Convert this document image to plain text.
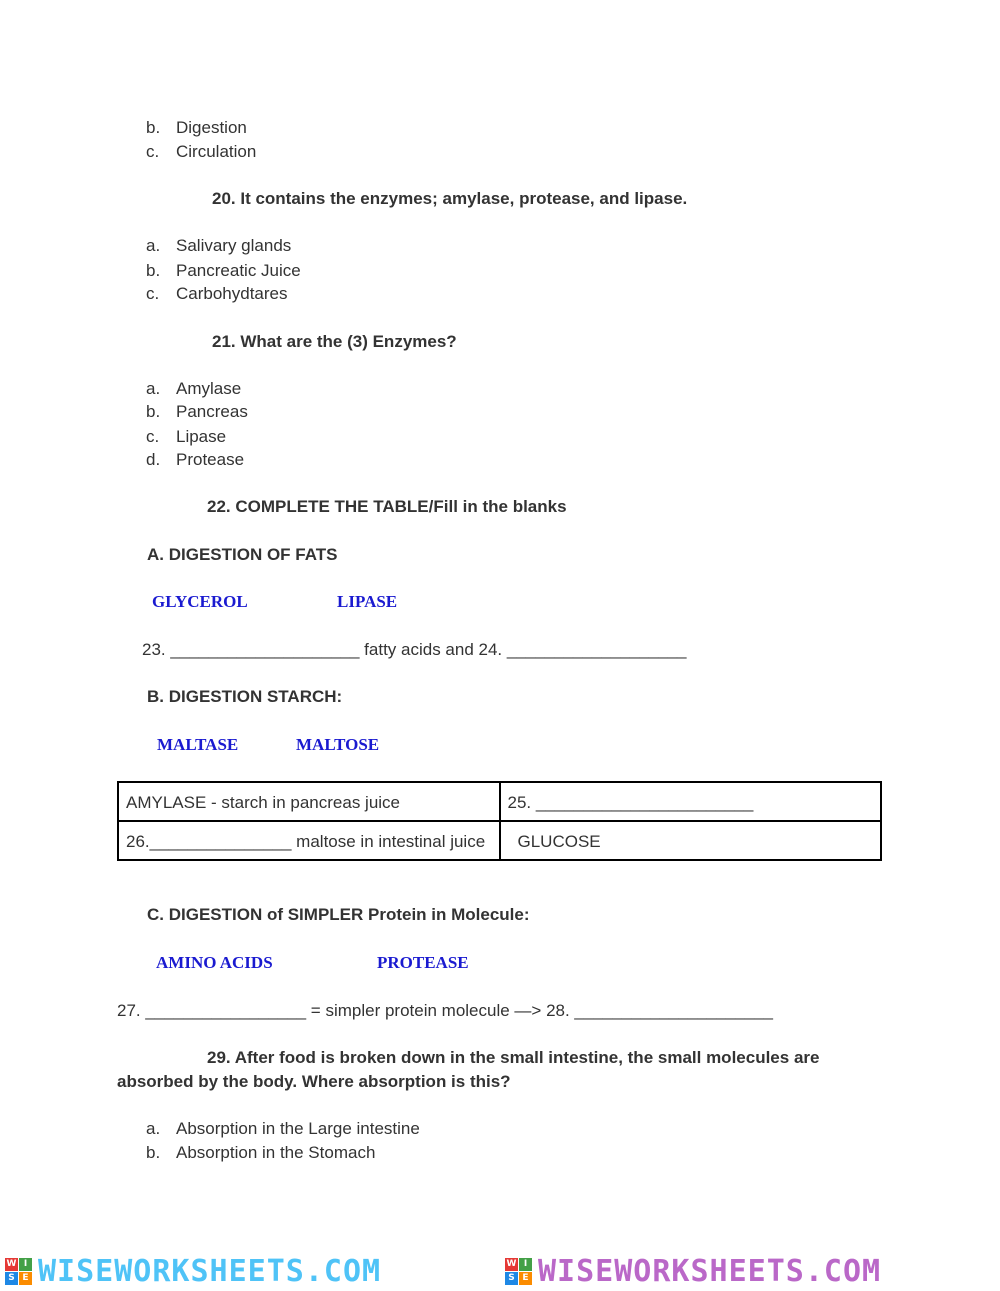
b. Digestion
c. Circulation
20. It contains the enzymes; amylase, protease, and lipase.
a. Salivary glands
b. Pancreatic Juice
c. Carbohydtares
21. What are the (3) Enzymes?
a. Amylase
b. Pancreas
c. Lipase
d. Protease
22. COMPLETE THE TABLE/Fill in the blanks
A. DIGESTION OF FATS
GLYCEROL	LIPASE
23. ____________________ fatty acids and 24. ___________________
B. DIGESTION STARCH:
MALTASE	MALTOSE
AMYLASE - starch in pancreas juice	25. _______________________
26._______________ maltose in intestinal juice	GLUCOSE
C. DIGESTION of SIMPLER Protein in Molecule:
AMINO ACIDS	PROTEASE
27. _________________ = simpler protein molecule —> 28. _____________________
29. After food is broken down in the small intestine, the small molecules are
absorbed by the body. Where absorption is this?
a. Absorption in the Large intestine
b. Absorption in the Stomach
W I
S E WISEWORKSHEETS.COM	W I
S E WISEWORKSHEETS.COM
